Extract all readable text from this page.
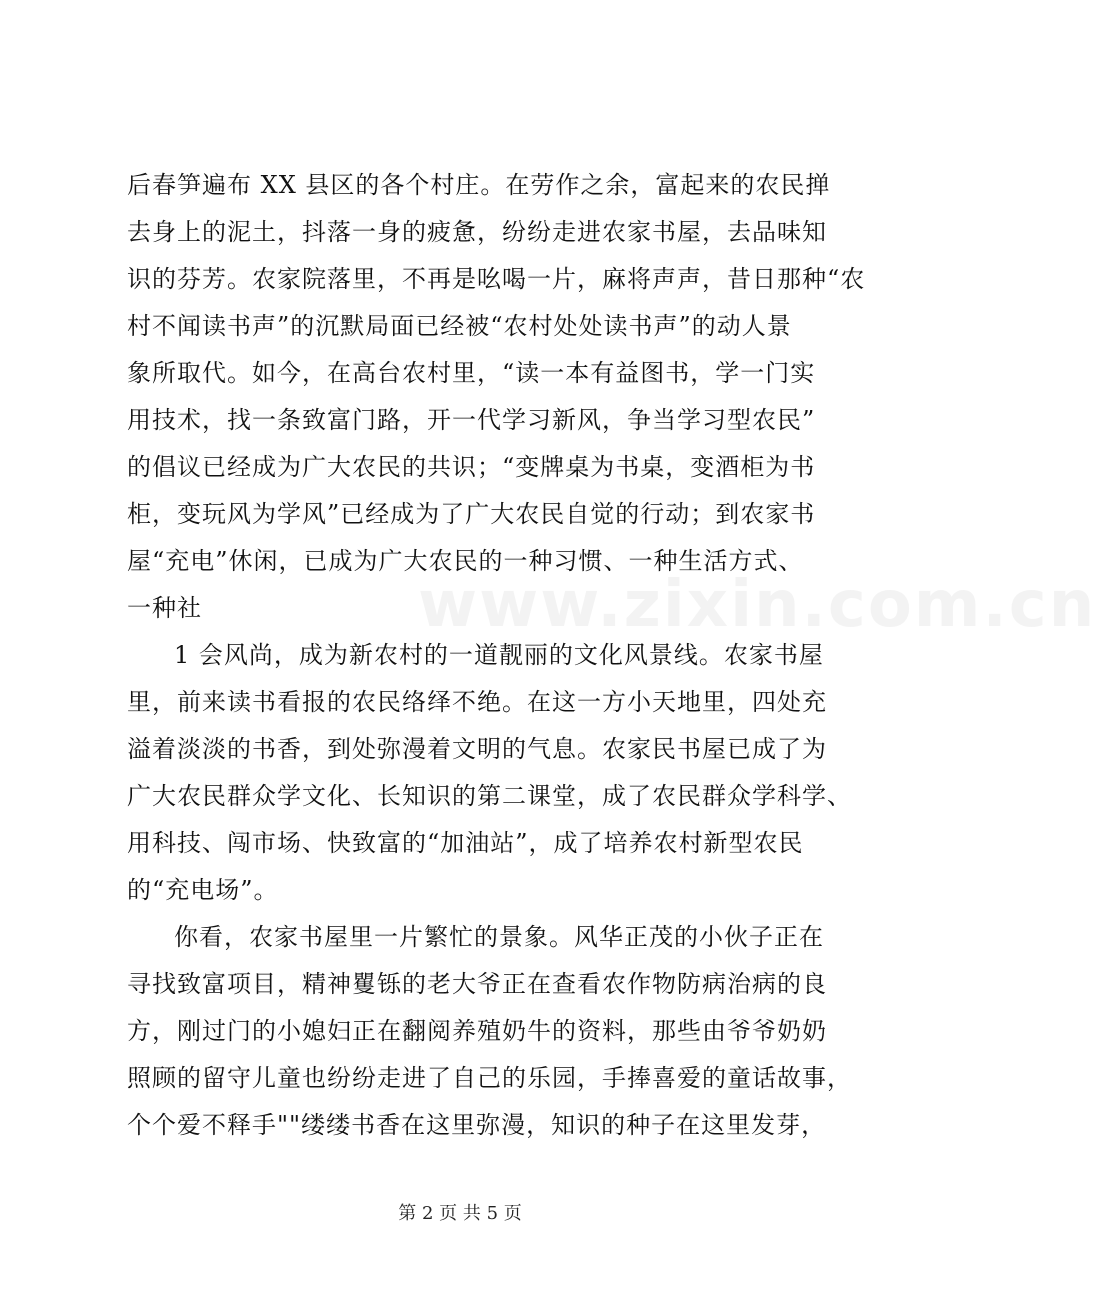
www.zixin.com.cn
后春笋遍布 XX 县区的各个村庄。在劳作之余，富起来的农民掸
去身上的泥土，抖落一身的疲惫，纷纷走进农家书屋，去品味知
识的芬芳。农家院落里，不再是吆喝一片，麻将声声，昔日那种“农
村不闻读书声”的沉默局面已经被“农村处处读书声”的动人景
象所取代。如今，在高台农村里，“读一本有益图书，学一门实
用技术，找一条致富门路，开一代学习新风，争当学习型农民”
的倡议已经成为广大农民的共识；“变牌桌为书桌，变酒柜为书
柜，变玩风为学风”已经成为了广大农民自觉的行动；到农家书
屋“充电”休闲，已成为广大农民的一种习惯、一种生活方式、
一种社
1 会风尚，成为新农村的一道靓丽的文化风景线。农家书屋
里，前来读书看报的农民络绎不绝。在这一方小天地里，四处充
溢着淡淡的书香，到处弥漫着文明的气息。农家民书屋已成了为
广大农民群众学文化、长知识的第二课堂，成了农民群众学科学、
用科技、闯市场、快致富的“加油站”，成了培养农村新型农民
的“充电场”。
你看，农家书屋里一片繁忙的景象。风华正茂的小伙子正在
寻找致富项目，精神矍铄的老大爷正在查看农作物防病治病的良
方，刚过门的小媳妇正在翻阅养殖奶牛的资料，那些由爷爷奶奶
照顾的留守儿童也纷纷走进了自己的乐园，手捧喜爱的童话故事，
个个爱不释手""缕缕书香在这里弥漫，知识的种子在这里发芽，
第 2 页 共 5 页
